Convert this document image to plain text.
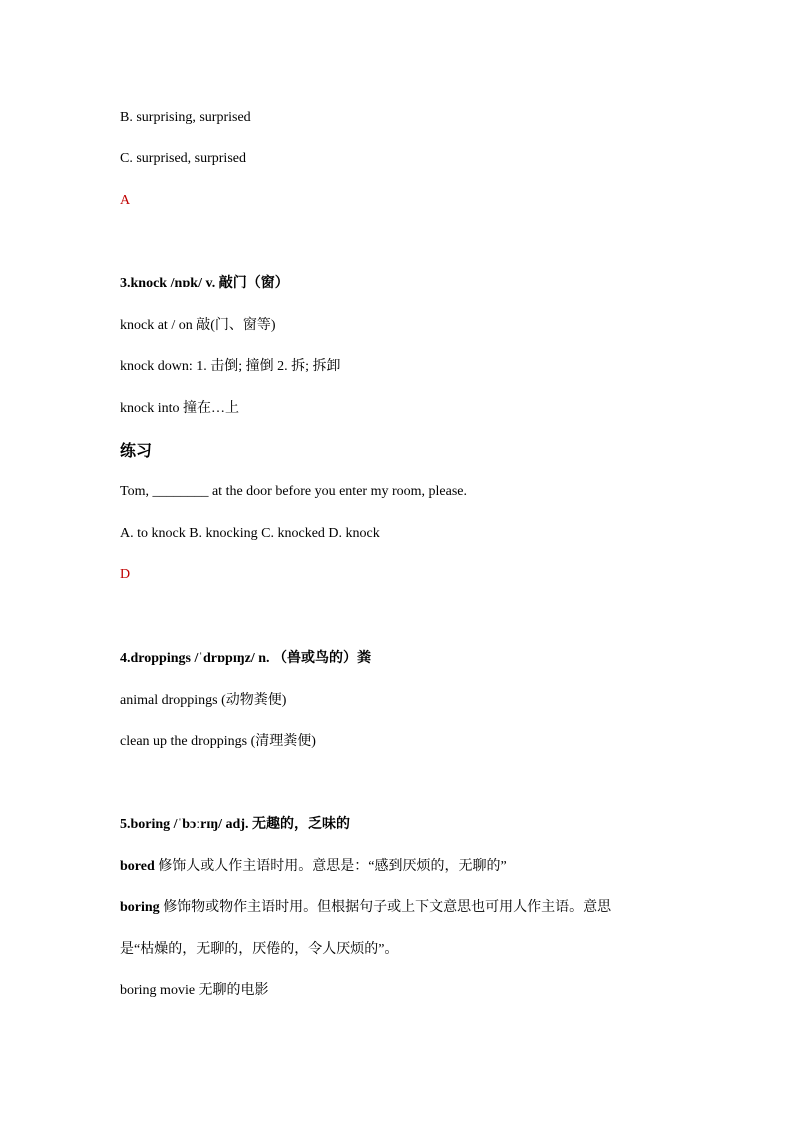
B. surprising, surprised
C. surprised, surprised
A
3.knock /nɒk/ v. 敲门（窗）
knock at / on 敲(门、窗等)
knock down: 1. 击倒; 撞倒 2. 拆; 拆卸
knock into 撞在…上
练习
Tom, ________ at the door before you enter my room, please.
A. to knock B. knocking C. knocked D. knock
D
4.droppings /ˈdrɒpɪŋz/ n. （兽或鸟的）粪
animal droppings (动物粪便)
clean up the droppings (清理粪便)
5.boring /ˈbɔːrɪŋ/ adj. 无趣的，乏味的
bored 修饰人或人作主语时用。意思是：“感到厌烦的，无聊的”
boring 修饰物或物作主语时用。但根据句子或上下文意思也可用人作主语。意思
是“枯燥的，无聊的，厌倦的，令人厌烦的”。
boring movie 无聊的电影
